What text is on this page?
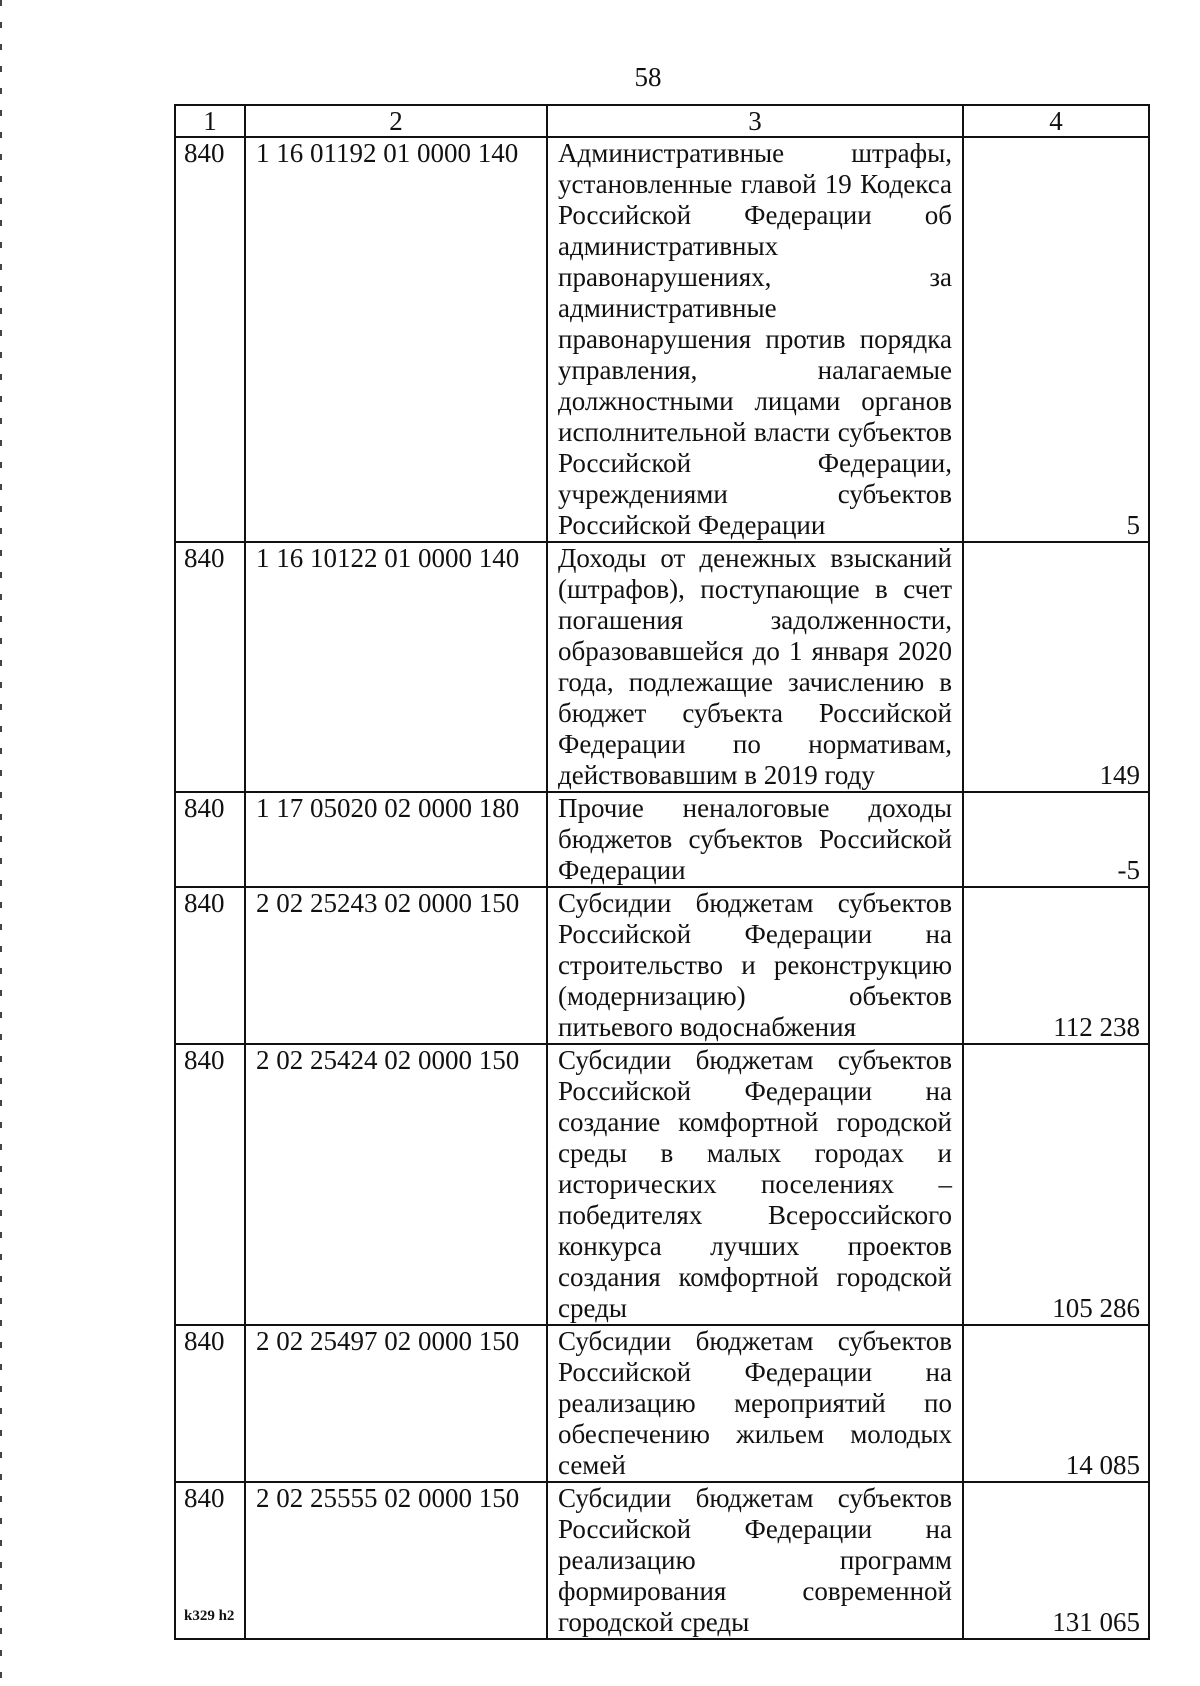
58
1	2	3	4
840	1 16 01192 01 0000 140	Административные штрафы, установленные главой 19 Кодекса Российской Федерации об административных правонарушениях, за административные правонарушения против порядка управления, налагаемые должностными лицами органов исполнительной власти субъектов Российской Федерации, учреждениями субъектов Российской Федерации	5
840	1 16 10122 01 0000 140	Доходы от денежных взысканий (штрафов), поступающие в счет погашения задолженности, образовавшейся до 1 января 2020 года, подлежащие зачислению в бюджет субъекта Российской Федерации по нормативам, действовавшим в 2019 году	149
840	1 17 05020 02 0000 180	Прочие неналоговые доходы бюджетов субъектов Российской Федерации	-5
840	2 02 25243 02 0000 150	Субсидии бюджетам субъектов Российской Федерации на строительство и реконструкцию (модернизацию) объектов питьевого водоснабжения	112 238
840	2 02 25424 02 0000 150	Субсидии бюджетам субъектов Российской Федерации на создание комфортной городской среды в малых городах и исторических поселениях – победителях Всероссийского конкурса лучших проектов создания комфортной городской среды	105 286
840	2 02 25497 02 0000 150	Субсидии бюджетам субъектов Российской Федерации на реализацию мероприятий по обеспечению жильем молодых семей	14 085
840	2 02 25555 02 0000 150	Субсидии бюджетам субъектов Российской Федерации на реализацию программ формирования современной городской среды	131 065
k329 h2
